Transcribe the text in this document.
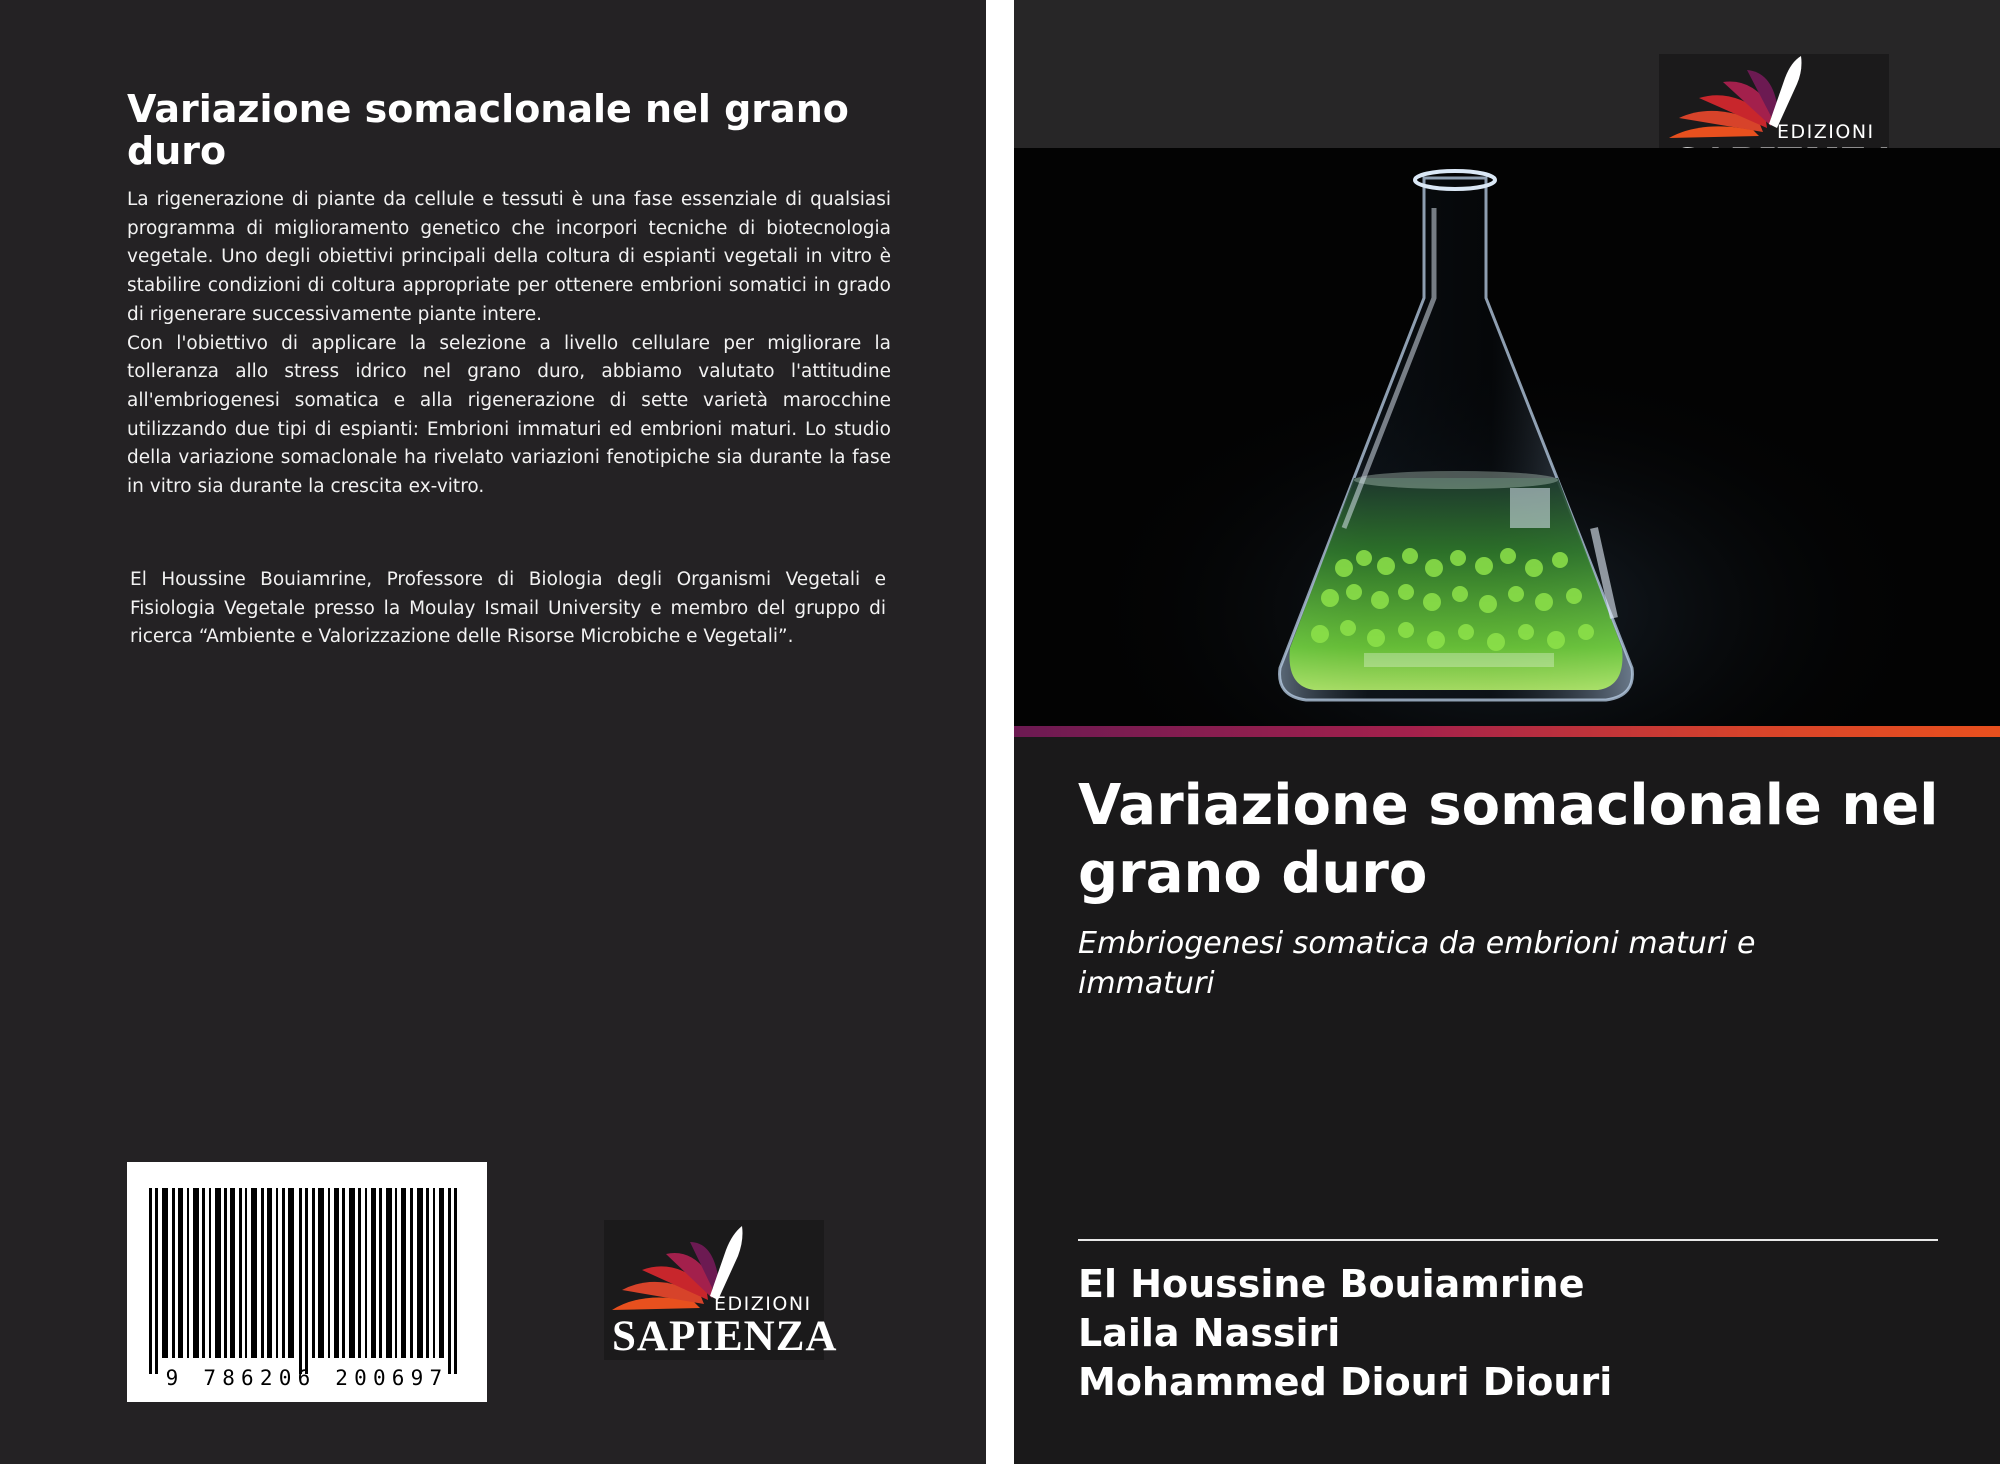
Variazione somaclonale nel grano duro

La rigenerazione di piante da cellule e tessuti è una fase essenziale di qualsiasi programma di miglioramento genetico che incorpori tecniche di biotecnologia vegetale. Uno degli obiettivi principali della coltura di espianti vegetali in vitro è stabilire condizioni di coltura appropriate per ottenere embrioni somatici in grado di rigenerare successivamente piante intere.

Con l'obiettivo di applicare la selezione a livello cellulare per migliorare la tolleranza allo stress idrico nel grano duro, abbiamo valutato l'attitudine all'embriogenesi somatica e alla rigenerazione di sette varietà marocchine utilizzando due tipi di espianti: Embrioni immaturi ed embrioni maturi. Lo studio della variazione somaclonale ha rivelato variazioni fenotipiche sia durante la fase in vitro sia durante la crescita ex-vitro.

El Houssine Bouiamrine, Professore di Biologia degli Organismi Vegetali e Fisiologia Vegetale presso la Moulay Ismail University e membro del gruppo di ricerca “Ambiente e Valorizzazione delle Risorse Microbiche e Vegetali”.

9 786206 200697
EDIZIONI
SAPIENZA
EDIZIONI
Variazione somaclonale nel grano duro

Embriogenesi somatica da embrioni maturi e immaturi

El Houssine Bouiamrine
Laila Nassiri
Mohammed Diouri Diouri
